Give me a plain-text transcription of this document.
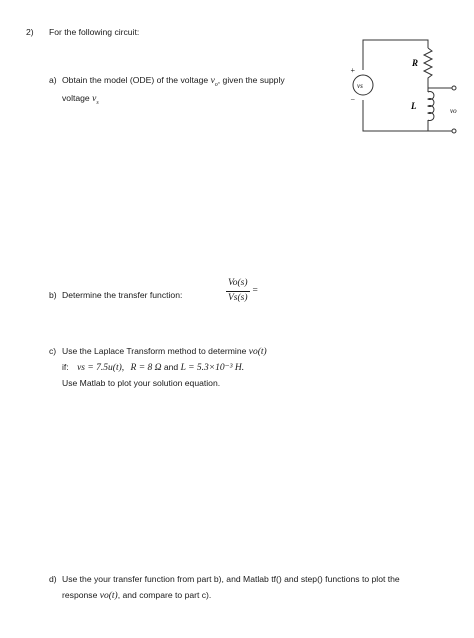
2) For the following circuit:
a) Obtain the model (ODE) of the voltage $v_o$, given the supply
voltage $v_s$
b) Determine the transfer function:	$\frac{Vo(s)}{Vs(s)}$ =
c) Use the Laplace Transform method to determine vo(t)
if: vs = 7.5u(t), R = 8 Ω and L = 5.3×10⁻³ H.
Use Matlab to plot your solution equation.
d) Use the your transfer function from part b), and Matlab tf() and step() functions to plot the
response vo(t), and compare to part c).
vs
+
−
R
L	vo
